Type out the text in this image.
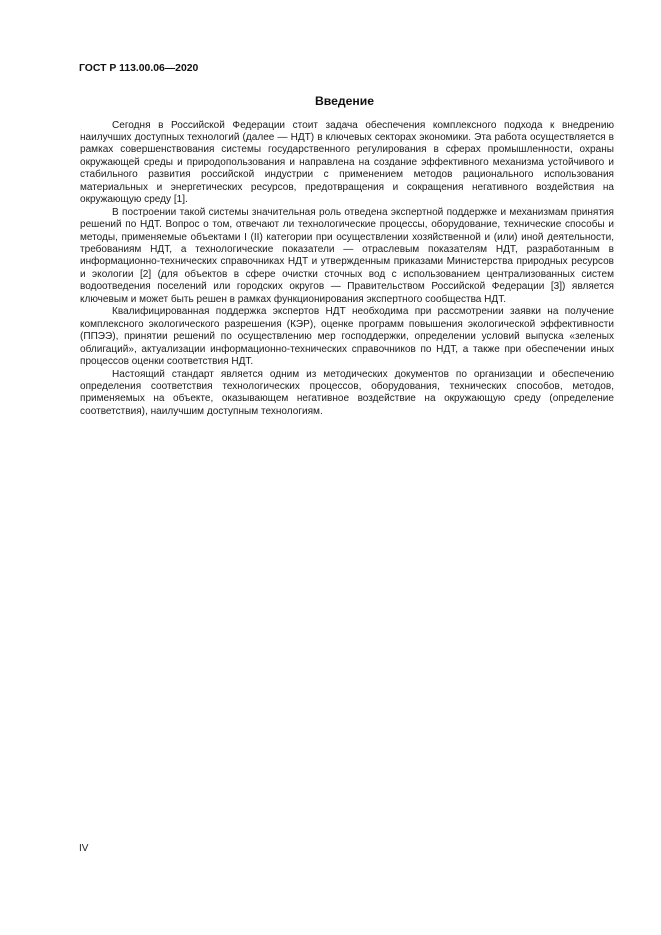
ГОСТ Р 113.00.06—2020
Введение

Сегодня в Российской Федерации стоит задача обеспечения комплексного подхода к внедрению наилучших доступных технологий (далее — НДТ) в ключевых секторах экономики. Эта работа осуществляется в рамках совершенствования системы государственного регулирования в сферах промышленности, охраны окружающей среды и природопользования и направлена на создание эффективного механизма устойчивого и стабильного развития российской индустрии с применением методов рационального использования материальных и энергетических ресурсов, предотвращения и сокращения негативного воздействия на окружающую среду [1].

В построении такой системы значительная роль отведена экспертной поддержке и механизмам принятия решений по НДТ. Вопрос о том, отвечают ли технологические процессы, оборудование, технические способы и методы, применяемые объектами I (II) категории при осуществлении хозяйственной и (или) иной деятельности, требованиям НДТ, а технологические показатели — отраслевым показателям НДТ, разработанным в информационно-технических справочниках НДТ и утвержденным приказами Министерства природных ресурсов и экологии [2] (для объектов в сфере очистки сточных вод с использованием централизованных систем водоотведения поселений или городских округов — Правительством Российской Федерации [3]) является ключевым и может быть решен в рамках функционирования экспертного сообщества НДТ.

Квалифицированная поддержка экспертов НДТ необходима при рассмотрении заявки на получение комплексного экологического разрешения (КЭР), оценке программ повышения экологической эффективности (ППЭЭ), принятии решений по осуществлению мер господдержки, определении условий выпуска «зеленых облигаций», актуализации информационно-технических справочников по НДТ, а также при обеспечении иных процессов оценки соответствия НДТ.

Настоящий стандарт является одним из методических документов по организации и обеспечению определения соответствия технологических процессов, оборудования, технических способов, методов, применяемых на объекте, оказывающем негативное воздействие на окружающую среду (определение соответствия), наилучшим доступным технологиям.

IV
